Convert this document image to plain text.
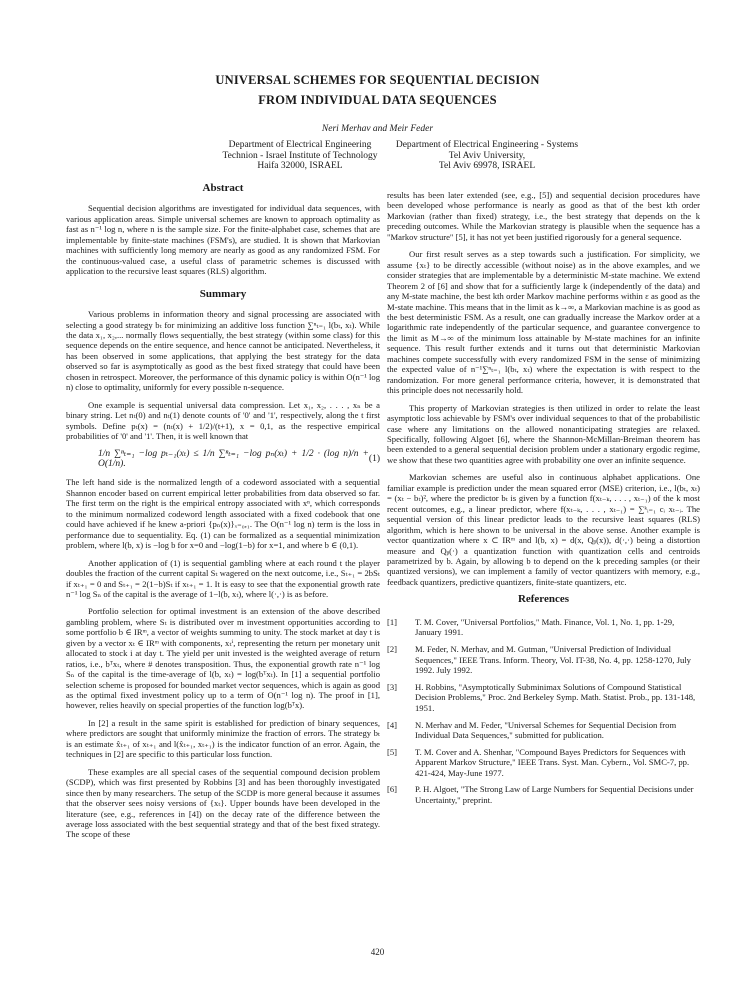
UNIVERSAL SCHEMES FOR SEQUENTIAL DECISION
FROM INDIVIDUAL DATA SEQUENCES
Neri Merhav and Meir Feder
Department of Electrical Engineering
Technion - Israel Institute of Technology
Haifa 32000, ISRAEL
Department of Electrical Engineering - Systems
Tel Aviv University,
Tel Aviv 69978, ISRAEL
Abstract

Sequential decision algorithms are investigated for individual data sequences, with various application areas. Simple universal schemes are known to approach optimality as fast as n⁻¹ log n, where n is the sample size. For the finite-alphabet case, schemes that are implementable by finite-state machines (FSM's), are studied. It is shown that Markovian machines with sufficiently long memory are nearly as good as any randomized FSM. For the continuous-valued case, a useful class of parametric schemes is discussed with application to the recursive least squares (RLS) algorithm.

Summary

Various problems in information theory and signal processing are associated with selecting a good strategy bₜ for minimizing an additive loss function ∑ⁿₜ₌₁ l(bₜ, xₜ). While the data x₁, x₂,... normally flows sequentially, the best strategy (within some class) for this sequence depends on the entire sequence, and hence cannot be anticipated. Nevertheless, it has been observed in some applications, that applying the best strategy for the data observed so far is asymptotically as good as the best fixed strategy that could have been chosen in retrospect. Moreover, the performance of this dynamic policy is within O(n⁻¹ log n) close to optimality, uniformly for every possible n-sequence.

One example is sequential universal data compression. Let x₁, x₂, . . . , xₙ be a binary string. Let nₜ(0) and nₜ(1) denote counts of '0' and '1', respectively, along the t first symbols. Define pₜ(x) = (nₜ(x) + 1/2)/(t+1), x = 0,1, as the respective empirical probabilities of '0' and '1'. Then, it is well known that

1/n ∑ⁿₜ₌₁ −log pₜ₋₁(xₜ) ≤ 1/n ∑ⁿₜ₌₁ −log pₙ(xₜ) + 1/2 · (log n)/n + O(1/n).
(1)

The left hand side is the normalized length of a codeword associated with a sequential Shannon encoder based on current empirical letter probabilities from data observed so far. The first term on the right is the empirical entropy associated with xⁿ, which corresponds to the minimum normalized codeword length associated with a fixed codebook that one could have achieved if he knew a-priori {pₙ(x)}ₓ₌₀,₁. The O(n⁻¹ log n) term is the loss in performance due to sequentiality. Eq. (1) can be formalized as a sequential minimization problem, where l(b, x) is −log b for x=0 and −log(1−b) for x=1, and where b ∈ (0,1).

Another application of (1) is sequential gambling where at each round t the player doubles the fraction of the current capital Sₜ wagered on the next outcome, i.e., Sₜ₊₁ = 2bSₜ if xₜ₊₁ = 0 and Sₜ₊₁ = 2(1−b)Sₜ if xₜ₊₁ = 1. It is easy to see that the exponential growth rate n⁻¹ log Sₙ of the capital is the average of 1−l(b, xₜ), where l(·,·) is as before.

Portfolio selection for optimal investment is an extension of the above described gambling problem, where Sₜ is distributed over m investment opportunities according to some portfolio b ∈ IRᵐ, a vector of weights summing to unity. The stock market at day t is given by a vector xₜ ∈ IRᵐ with components, xₜⁱ, representing the return per monetary unit allocated to stock i at day t. The yield per unit invested is the weighted average of return ratios, i.e., bᵀxₜ, where # denotes transposition. Thus, the exponential growth rate n⁻¹ log Sₙ of the capital is the time-average of l(b, xₜ) = log(bᵀxₜ). In [1] a sequential portfolio selection scheme is proposed for bounded market vector sequences, which is again as good as the optimal fixed investment policy up to a term of O(n⁻¹ log n). The proof in [1], however, relies heavily on special properties of the function log(bᵀx).

In [2] a result in the same spirit is established for prediction of binary sequences, where predictors are sought that uniformly minimize the fraction of errors. The strategy bₜ is an estimate x̂ₜ₊₁ of xₜ₊₁ and l(x̂ₜ₊₁, xₜ₊₁) is the indicator function of an error. Again, the techniques in [2] are specific to this particular loss function.

These examples are all special cases of the sequential compound decision problem (SCDP), which was first presented by Robbins [3] and has been thoroughly investigated since then by many researchers. The setup of the SCDP is more general because it assumes that the observer sees noisy versions of {xₜ}. Upper bounds have been developed in the literature (see, e.g., references in [4]) on the decay rate of the difference between the average loss associated with the best sequential strategy and that of the best fixed strategy. The scope of these

results has been later extended (see, e.g., [5]) and sequential decision procedures have been developed whose performance is nearly as good as that of the best kth order Markovian (rather than fixed) strategy, i.e., the best strategy that depends on the k preceding outcomes. While the Markovian strategy is plausible when the sequence has a "Markov structure" [5], it has not yet been justified rigorously for a general sequence.

Our first result serves as a step towards such a justification. For simplicity, we assume {xₜ} to be directly accessible (without noise) as in the above examples, and we consider strategies that are implementable by a deterministic M-state machine. We extend Theorem 2 of [6] and show that for a sufficiently large k (independently of the data) and any M-state machine, the best kth order Markov machine performs within ε as good as the M-state machine. This means that in the limit as k→∞, a Markovian machine is as good as the best deterministic FSM. As a result, one can gradually increase the Markov order at a logarithmic rate independently of the particular sequence, and guarantee convergence to the limit as M→∞ of the minimum loss attainable by M-state machines for an infinite sequence. This result further extends and it turns out that deterministic Markovian machines compete successfully with every randomized FSM in the sense of minimizing the expected value of n⁻¹∑ⁿₜ₌₁ l(bₜ, xₜ) where the expectation is with respect to the randomization. For more general performance criteria, however, it is demonstrated that this principle does not necessarily hold.

This property of Markovian strategies is then utilized in order to relate the least asymptotic loss achievable by FSM's over individual sequences to that of the probabilistic case where any limitations on the allowed nonanticipating strategies are relaxed. Specifically, following Algoet [6], where the Shannon-McMillan-Breiman theorem has been extended to a general sequential decision problem under a stationary ergodic regime, we show that these two quantities agree with probability one over an infinite sequence.

Markovian schemes are useful also in continuous alphabet applications. One familiar example is prediction under the mean squared error (MSE) criterion, i.e., l(bₜ, xₜ) = (xₜ − bₜ)², where the predictor bₜ is given by a function f(xₜ₋ₖ, . . . , xₜ₋₁) of the k most recent outcomes, e.g., a linear predictor, where f(xₜ₋ₖ, . . . , xₜ₋₁) = ∑ᵏᵢ₌₁ cᵢ xₜ₋ᵢ. The sequential version of this linear predictor leads to the recursive least squares (RLS) algorithm, which is here shown to be universal in the above sense. Another example is vector quantization where x ⊂ IRᵐ and l(b, x) = d(x, Qᵦ(x)), d(·,·) being a distortion measure and Qᵦ(·) a quantization function with quantization cells and centroids parametrized by b. Again, by allowing b to depend on the k preceding samples (or their quantized versions), we can implement a family of vector quantizers with memory, e.g., feedback quantizers, predictive quantizers, finite-state quantizers, etc.

References
[1]	T. M. Cover, "Universal Portfolios," Math. Finance, Vol. 1, No. 1, pp. 1-29, January 1991.
[2]	M. Feder, N. Merhav, and M. Gutman, "Universal Prediction of Individual Sequences," IEEE Trans. Inform. Theory, Vol. IT-38, No. 4, pp. 1258-1270, July 1992. July 1992.
[3]	H. Robbins, "Asymptotically Subminimax Solutions of Compound Statistical Decision Problems," Proc. 2nd Berkeley Symp. Math. Statist. Prob., pp. 131-148, 1951.
[4]	N. Merhav and M. Feder, "Universal Schemes for Sequential Decision from Individual Data Sequences," submitted for publication.
[5]	T. M. Cover and A. Shenhar, "Compound Bayes Predictors for Sequences with Apparent Markov Structure," IEEE Trans. Syst. Man. Cybern., Vol. SMC-7, pp. 421-424, May-June 1977.
[6]	P. H. Algoet, "The Strong Law of Large Numbers for Sequential Decisions under Uncertainty," preprint.
420
